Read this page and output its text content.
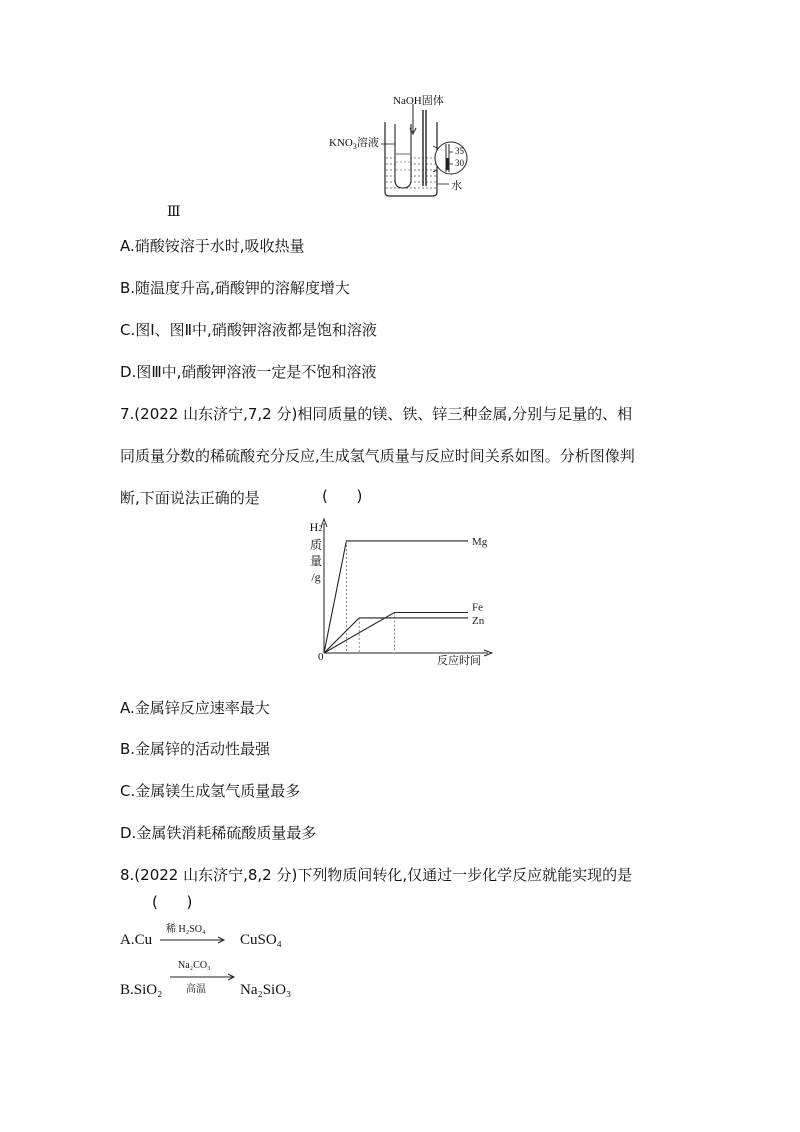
NaOH固体
$KNO_3$溶液
35
30
水
Ⅲ
A.硝酸铵溶于水时,吸收热量
B.随温度升高,硝酸钾的溶解度增大
C.图Ⅰ、图Ⅱ中,硝酸钾溶液都是饱和溶液
D.图Ⅲ中,硝酸钾溶液一定是不饱和溶液
7.(2022 山东济宁,7,2 分)相同质量的镁、铁、锌三种金属,分别与足量的、相
同质量分数的稀硫酸充分反应,生成氢气质量与反应时间关系如图。分析图像判
断,下面说法正确的是	(      )
Mg
Fe
Zn
H2
质
量
/g
0	反应时间
A.金属锌反应速率最大
B.金属锌的活动性最强
C.金属镁生成氢气质量最多
D.金属铁消耗稀硫酸质量最多
8.(2022 山东济宁,8,2 分)下列物质间转化,仅通过一步化学反应就能实现的是
(      )
A.Cu
稀 H₂SO₄
CuSO₄
B.SiO₂
Na₂CO₃
高温 Na₂SiO₃
